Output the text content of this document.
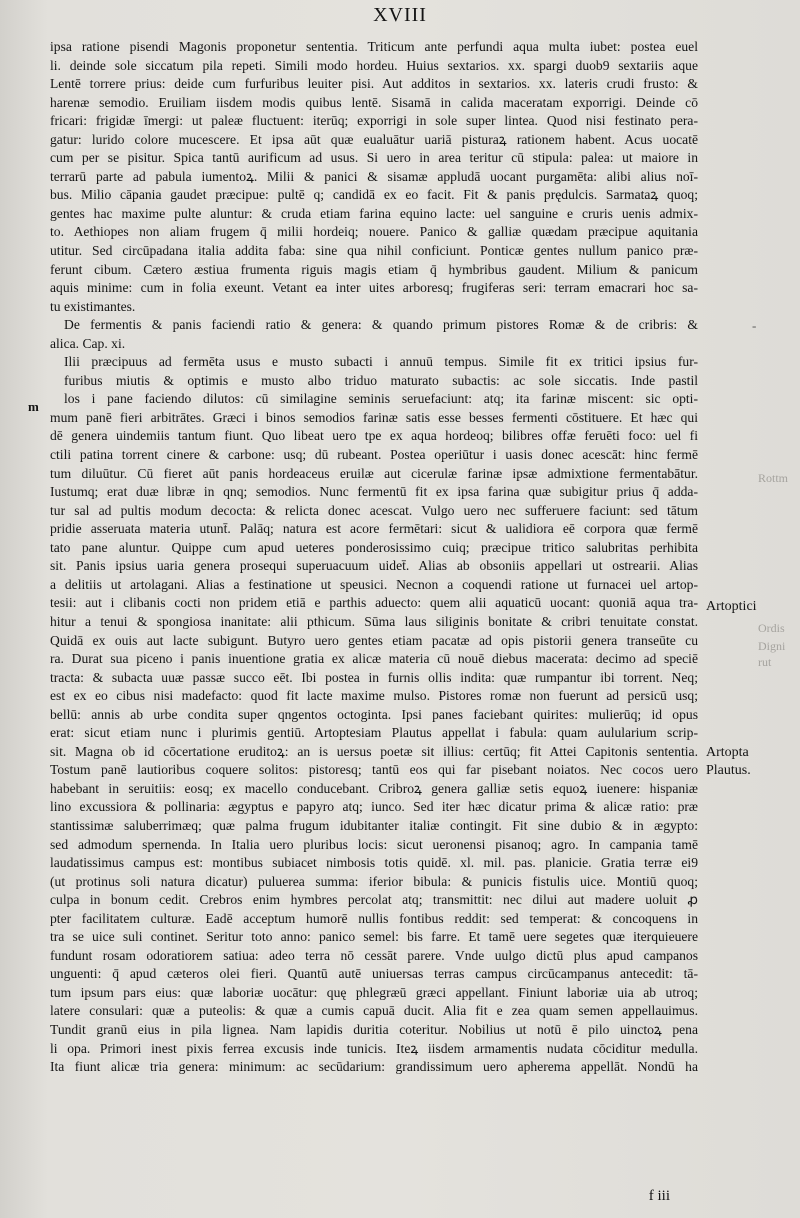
XVIII
ipsa ratione pisendi Magonis proponetur sententia. Triticum ante perfundi aqua multa iubet: postea euel
li. deinde sole siccatum pila repeti. Simili modo hordeu. Huius sextarios. xx. spargi duob9 sextariis aque
Lentē torrere prius: deide cum furfuribus leuiter pisi. Aut additos in sextarios. xx. lateris crudi frusto: &
harenæ semodio. Eruiliam iisdem modis quibus lentē. Sisamā in calida maceratam exporrigi. Deinde cō
fricari: frigidæ īmergi: ut paleæ fluctuent: iterūq; exporrigi in sole super lintea. Quod nisi festinato pera-
gatur: lurido colore mucescere. Et ipsa aūt quæ eualuātur uariā pisturaꝝ rationem habent. Acus uocatē
cum per se pisitur. Spica tantū aurificum ad usus. Si uero in area teritur cū stipula: palea: ut maiore in
terrarū parte ad pabula iumentoꝝ. Milii & panici & sisamæ appludā uocant purgamēta: alibi alius noī-
bus. Milio cāpania gaudet præcipue: pultē q; candidā ex eo facit. Fit & panis prędulcis. Sarmataꝝ quoq;
gentes hac maxime pulte aluntur: & cruda etiam farina equino lacte: uel sanguine e cruris uenis admix-
to. Aethiopes non aliam frugem q̄ milii hordeiq; nouere. Panico & galliæ quædam præcipue aquitania
utitur. Sed circūpadana italia addita faba: sine qua nihil conficiunt. Ponticæ gentes nullum panico præ-
ferunt cibum. Cætero æstiua frumenta riguis magis etiam q̄ hymbribus gaudent. Milium & panicum
aquis minime: cum in folia exeunt. Vetant ea inter uites arboresq; frugiferas seri: terram emacrari hoc sa-
tu existimantes.
De fermentis & panis faciendi ratio & genera: & quando primum pistores Romæ & de cribris: &
alica. Cap. xi.
Ilii præcipuus ad fermēta usus e musto subacti i annuū tempus. Simile fit ex tritici ipsius fur-
furibus miutis & optimis e musto albo triduo maturato subactis: ac sole siccatis. Inde pastil
los i pane faciendo dilutos: cū similagine seminis seruefaciunt: atq; ita farinæ miscent: sic opti-
mum panē fieri arbitrātes. Græci i binos semodios farinæ satis esse besses fermenti cōstituere. Et hæc qui
dē genera uindemiis tantum fiunt. Quo libeat uero tpe ex aqua hordeoq; bilibres offæ feruēti foco: uel fi
ctili patina torrent cinere & carbone: usq; dū rubeant. Postea operiūtur i uasis donec acescāt: hinc fermē
tum diluūtur. Cū fieret aūt panis hordeaceus eruilæ aut cicerulæ farinæ ipsæ admixtione fermentabātur.
Iustumq; erat duæ libræ in qnq; semodios. Nunc fermentū fit ex ipsa farina quæ subigitur prius q̄ adda-
tur sal ad pultis modum decocta: & relicta donec acescat. Vulgo uero nec sufferuere faciunt: sed tātum
pridie asseruata materia utunt̄. Palāq; natura est acore fermētari: sicut & ualidiora eē corpora quæ fermē
tato pane aluntur. Quippe cum apud ueteres ponderosissimo cuiq; præcipue tritico salubritas perhibita
sit. Panis ipsius uaria genera prosequi superuacuum uidet̄. Alias ab obsoniis appellari ut ostrearii. Alias
a delitiis ut artolagani. Alias a festinatione ut speusici. Necnon a coquendi ratione ut furnacei uel artop-
tesii: aut i clibanis cocti non pridem etiā e parthis aduecto: quem alii aquaticū uocant: quoniā aqua tra-
hitur a tenui & spongiosa inanitate: alii pthicum. Sūma laus siliginis bonitate & cribri tenuitate constat.
Quidā ex ouis aut lacte subigunt. Butyro uero gentes etiam pacatæ ad opis pistorii genera transeūte cu
ra. Durat sua piceno i panis inuentione gratia ex alicæ materia cū nouē diebus macerata: decimo ad speciē
tracta: & subacta uuæ passæ succo eēt. Ibi postea in furnis ollis indita: quæ rumpantur ibi torrent. Neq;
est ex eo cibus nisi madefacto: quod fit lacte maxime mulso. Pistores romæ non fuerunt ad persicū usq;
bellū: annis ab urbe condita super qngentos octoginta. Ipsi panes faciebant quirites: mulierūq; id opus
erat: sicut etiam nunc i plurimis gentiū. Artoptesiam Plautus appellat i fabula: quam aulularium scrip-
sit. Magna ob id cōcertatione eruditoꝝ: an is uersus poetæ sit illius: certūq; fit Attei Capitonis sententia.
Tostum panē lautioribus coquere solitos: pistoresq; tantū eos qui far pisebant noiatos. Nec cocos uero
habebant in seruitiis: eosq; ex macello conducebant. Cribroꝝ genera galliæ setis equoꝝ iuenere: hispaniæ
lino excussiora & pollinaria: ægyptus e papyro atq; iunco. Sed iter hæc dicatur prima & alicæ ratio: præ
stantissimæ saluberrimæq; quæ palma frugum idubitanter italiæ contingit. Fit sine dubio & in ægypto:
sed admodum spernenda. In Italia uero pluribus locis: sicut ueronensi pisanoq; agro. In campania tamē
laudatissimus campus est: montibus subiacet nimbosis totis quidē. xl. mil. pas. planicie. Gratia terræ ei9
(ut protinus soli natura dicatur) puluerea summa: iferior bibula: & punicis fistulis uice. Montiū quoq;
culpa in bonum cedit. Crebros enim hymbres percolat atq; transmittit: nec dilui aut madere uoluit ꝓ
pter facilitatem culturæ. Eadē acceptum humorē nullis fontibus reddit: sed temperat: & concoquens in
tra se uice suli continet. Seritur toto anno: panico semel: bis farre. Et tamē uere segetes quæ iterquieuere
fundunt rosam odoratiorem satiua: adeo terra nō cessāt parere. Vnde uulgo dictū plus apud campanos
unguenti: q̄ apud cæteros olei fieri. Quantū autē uniuersas terras campus circūcampanus antecedit: tā-
tum ipsum pars eius: quæ laboriæ uocātur: quę phlegræū græci appellant. Finiunt laboriæ uia ab utroq;
latere consulari: quæ a puteolis: & quæ a cumis capuā ducit. Alia fit e zea quam semen appellauimus.
Tundit granū eius in pila lignea. Nam lapidis duritia coteritur. Nobilius ut notū ē pilo uinctoꝝ pena
li opa. Primori inest pixis ferrea excusis inde tunicis. Iteꝝ iisdem armamentis nudata cōciditur medulla.
Ita fiunt alicæ tria genera: minimum: ac secūdarium: grandissimum uero apherema appellāt. Nondū ha
m
-
Artoptici
Artopta
Plautus.
Rottm
Ordis
Digni rut
f iii
